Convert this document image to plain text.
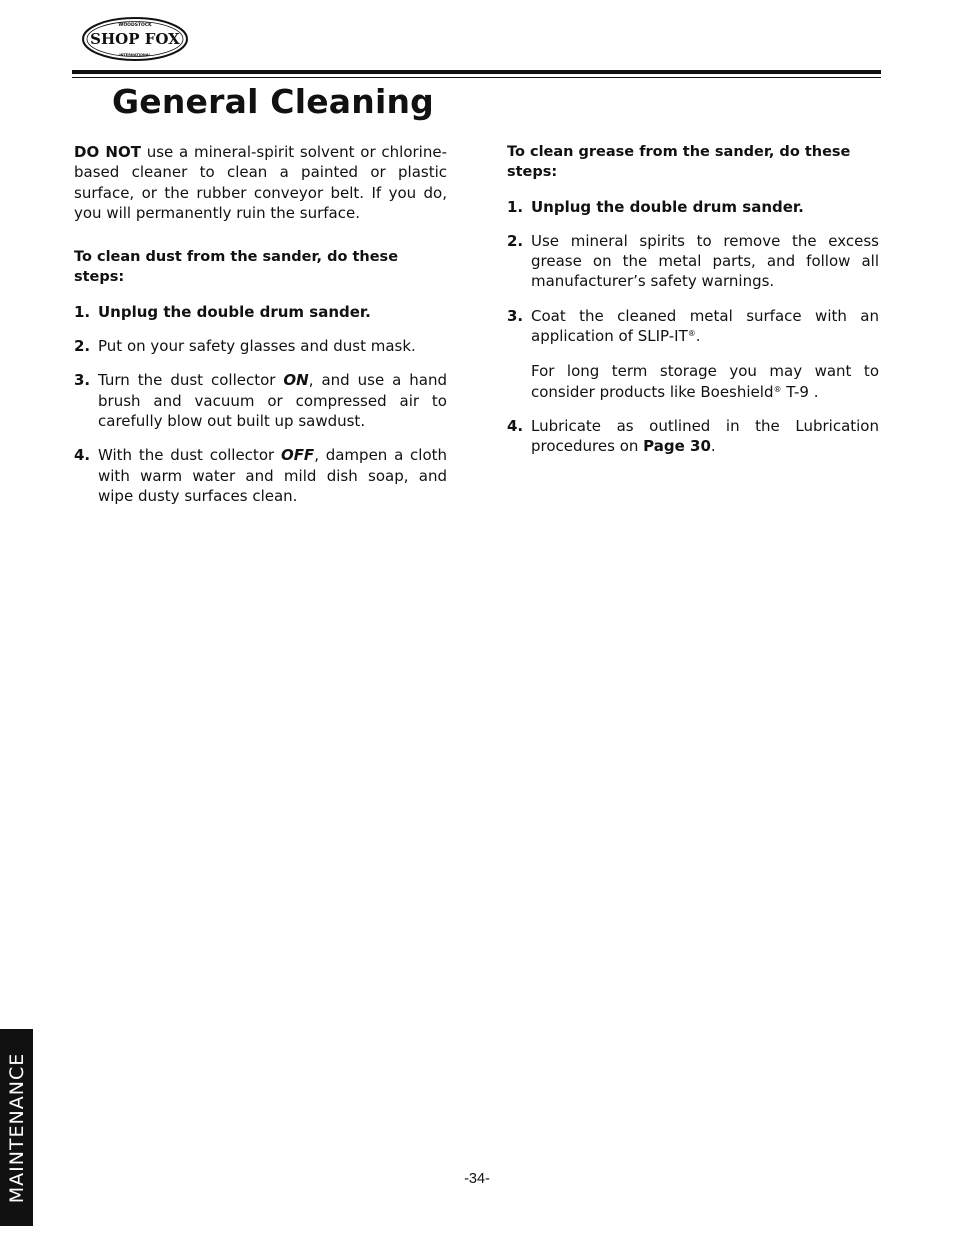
WOODSTOCK
SHOP FOX
INTERNATIONAL
General Cleaning

DO NOT use a mineral-spirit solvent or chlorine-based cleaner to clean a painted or plastic surface, or the rubber conveyor belt. If you do, you will permanently ruin the surface.

To clean dust from the sander, do these steps:

1. Unplug the double drum sander.
2. Put on your safety glasses and dust mask.
3. Turn the dust collector ON, and use a hand brush and vacuum or compressed air to carefully blow out built up sawdust.
4. With the dust collector OFF, dampen a cloth with warm water and mild dish soap, and wipe dusty surfaces clean.

To clean grease from the sander, do these steps:

1. Unplug the double drum sander.
2. Use mineral spirits to remove the excess grease on the metal parts, and follow all manufacturer’s safety warnings.
3. Coat the cleaned metal surface with an application of SLIP-IT®.
For long term storage you may want to consider products like Boeshield® T-9 .
4. Lubricate as outlined in the Lubrication procedures on Page 30.
MAINTENANCE	-34-
